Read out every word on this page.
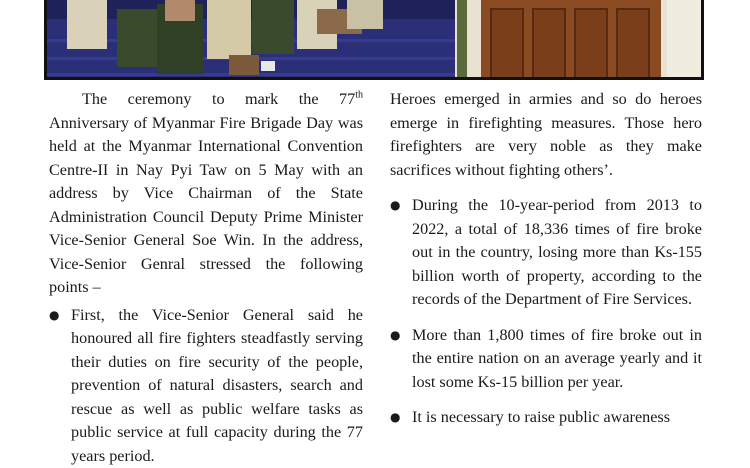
The ceremony to mark the 77th Anniversary of Myanmar Fire Brigade Day was held at the Myanmar International Convention Centre-II in Nay Pyi Taw on 5 May with an address by Vice Chairman of the State Administration Council Deputy Prime Minister Vice-Senior General Soe Win. In the address, Vice-Senior Genral stressed the following points –

● First, the Vice-Senior General said he honoured all fire fighters steadfastly serving their duties on fire security of the people, prevention of natural disasters, search and rescue as well as public welfare tasks as public service at full capacity during the 77 years period.

Heroes emerged in armies and so do heroes emerge in firefighting measures. Those hero firefighters are very noble as they make sacrifices without fighting others’.

● During the 10-year-period from 2013 to 2022, a total of 18,336 times of fire broke out in the country, losing more than Ks-155 billion worth of property, according to the records of the Department of Fire Services.
● More than 1,800 times of fire broke out in the entire nation on an average yearly and it lost some Ks-15 billion per year.
● It is necessary to raise public awareness
